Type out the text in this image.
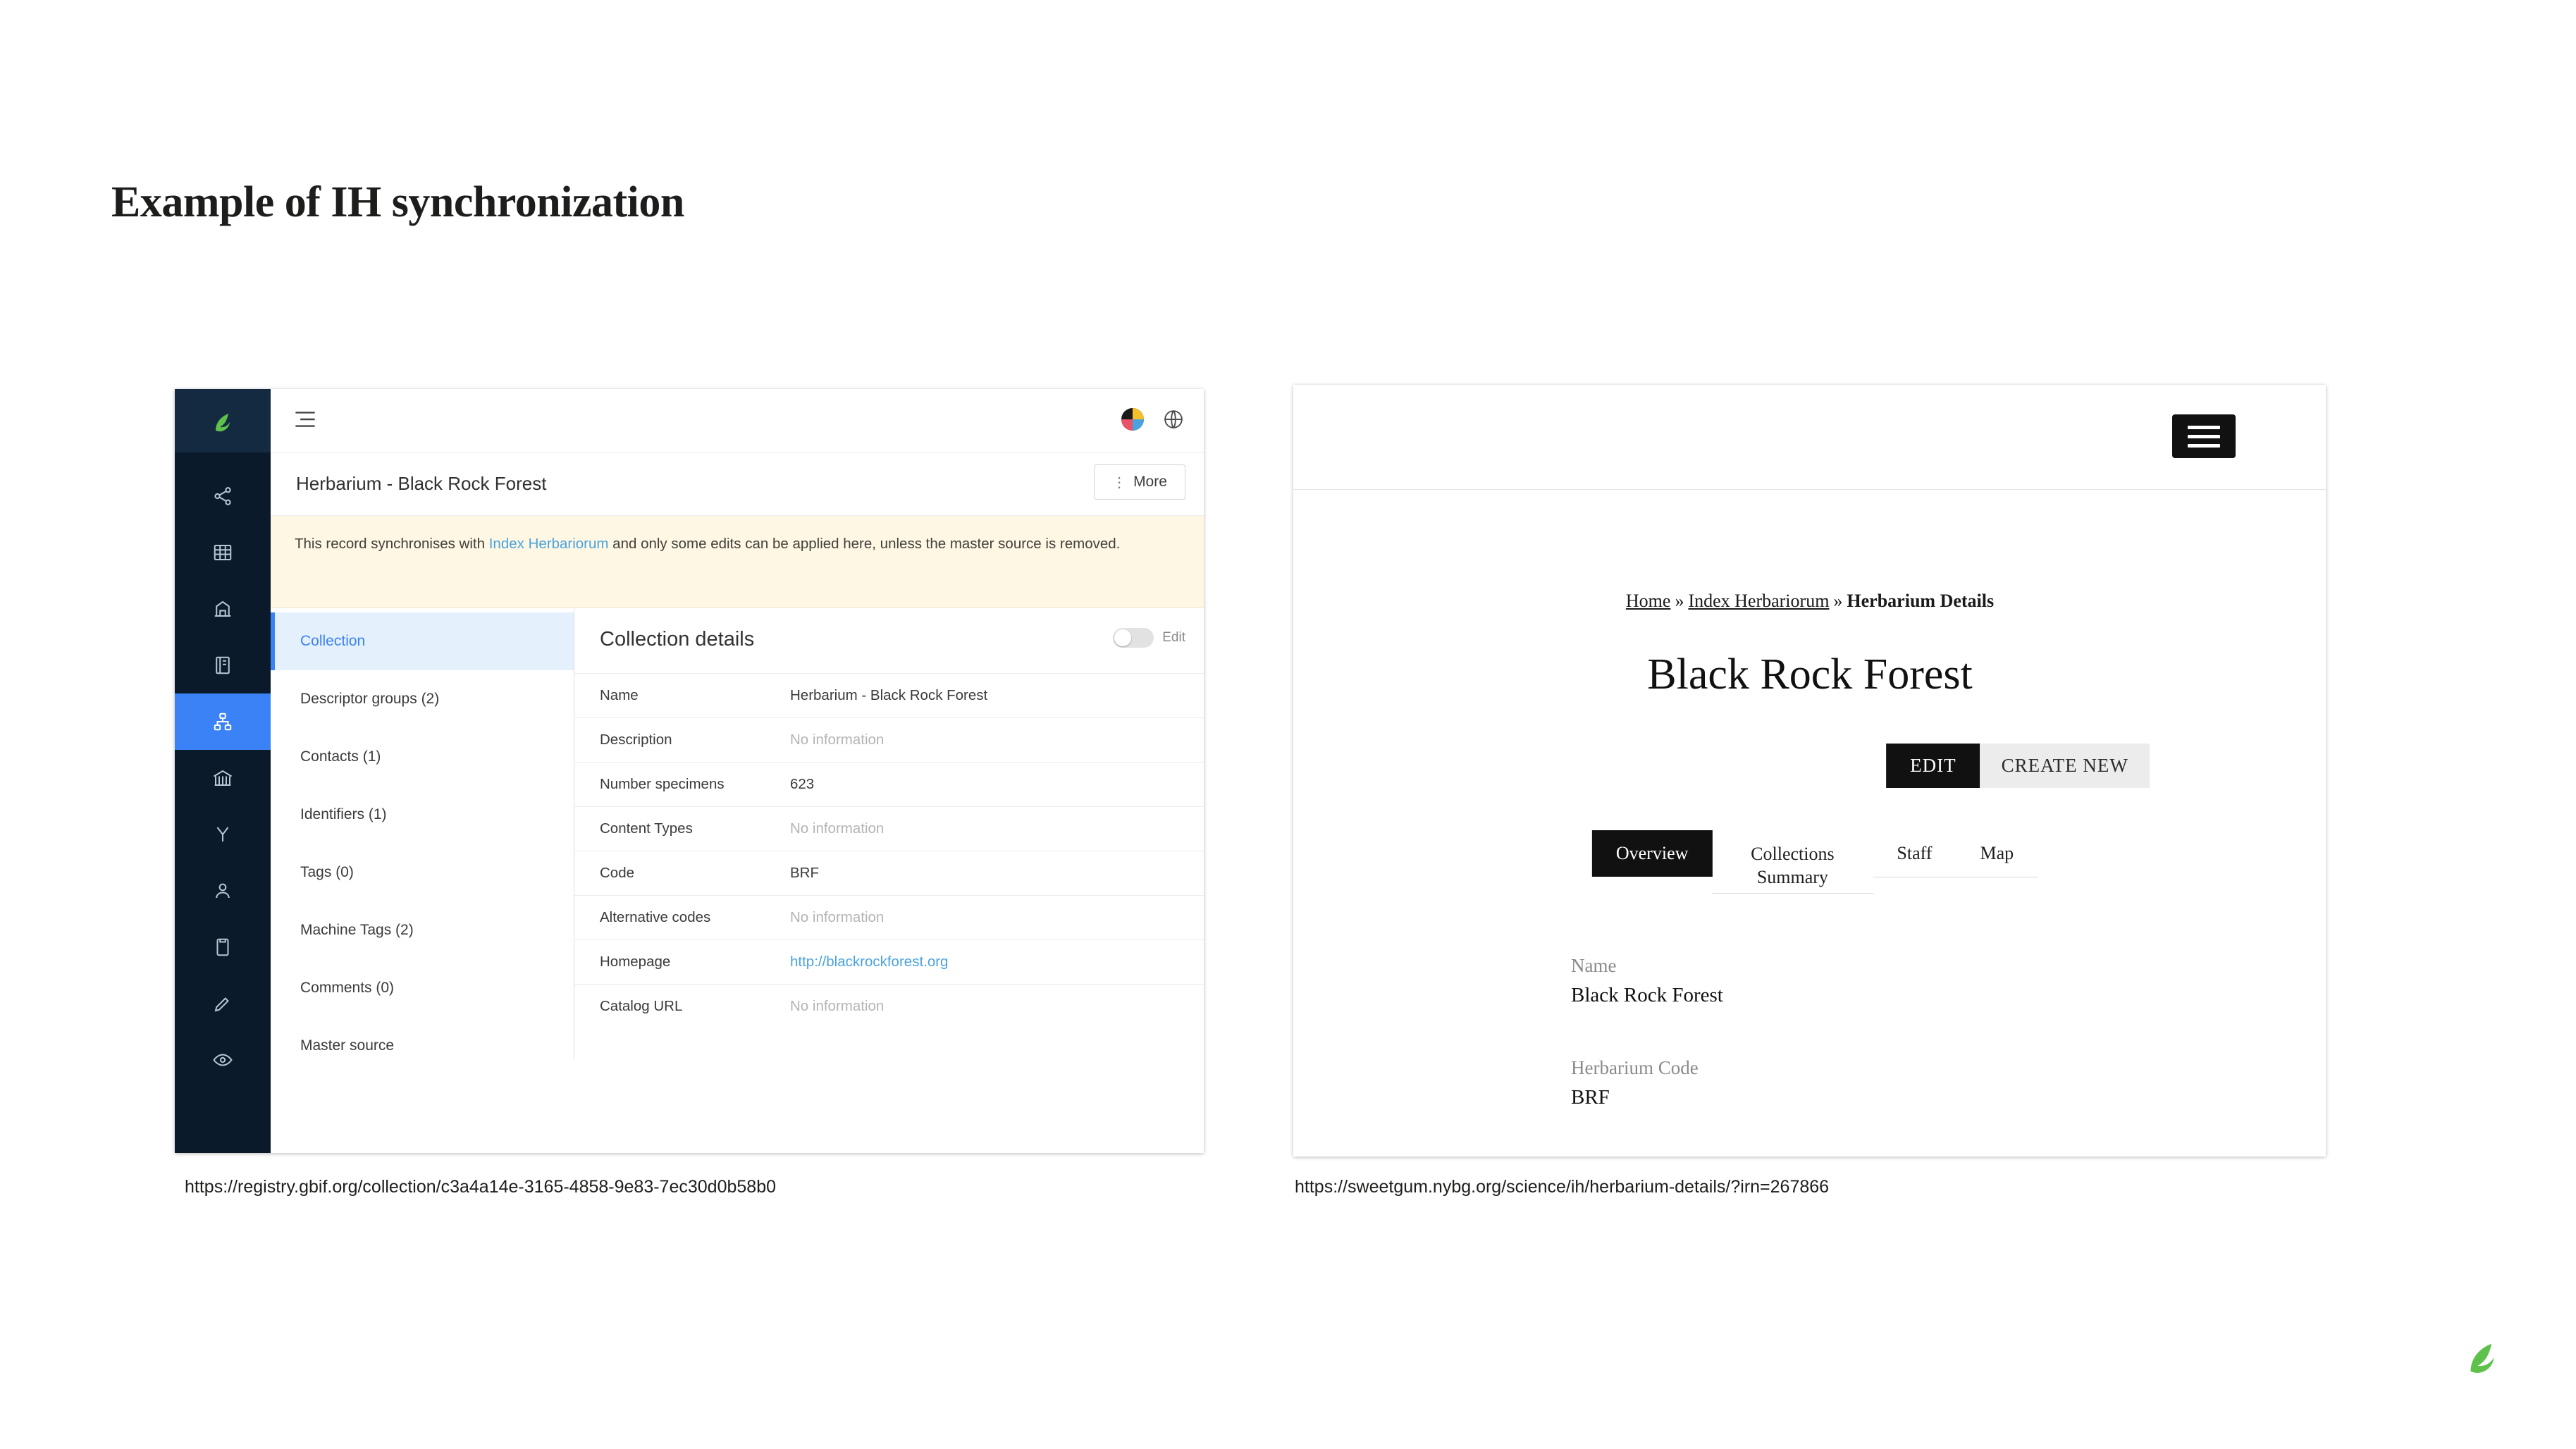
Example of IH synchronization
Herbarium - Black Rock Forest	⋮ More
This record synchronises with Index Herbariorum and only some edits can be applied here, unless the master source is removed.
Collection
Descriptor groups (2)
Contacts (1)
Identifiers (1)
Tags (0)
Machine Tags (2)
Comments (0)
Master source
Collection details	Edit
Name	Herbarium - Black Rock Forest
Description	No information
Number specimens	623
Content Types	No information
Code	BRF
Alternative codes	No information
Homepage	http://blackrockforest.org
Catalog URL	No information
Home » Index Herbariorum » Herbarium Details
Black Rock Forest
EDIT	CREATE NEW
Overview	Collections Summary
Staff	Map
Name
Black Rock Forest
Herbarium Code
BRF
https://registry.gbif.org/collection/c3a4a14e-3165-4858-9e83-7ec30d0b58b0	https://sweetgum.nybg.org/science/ih/herbarium-details/?irn=267866
